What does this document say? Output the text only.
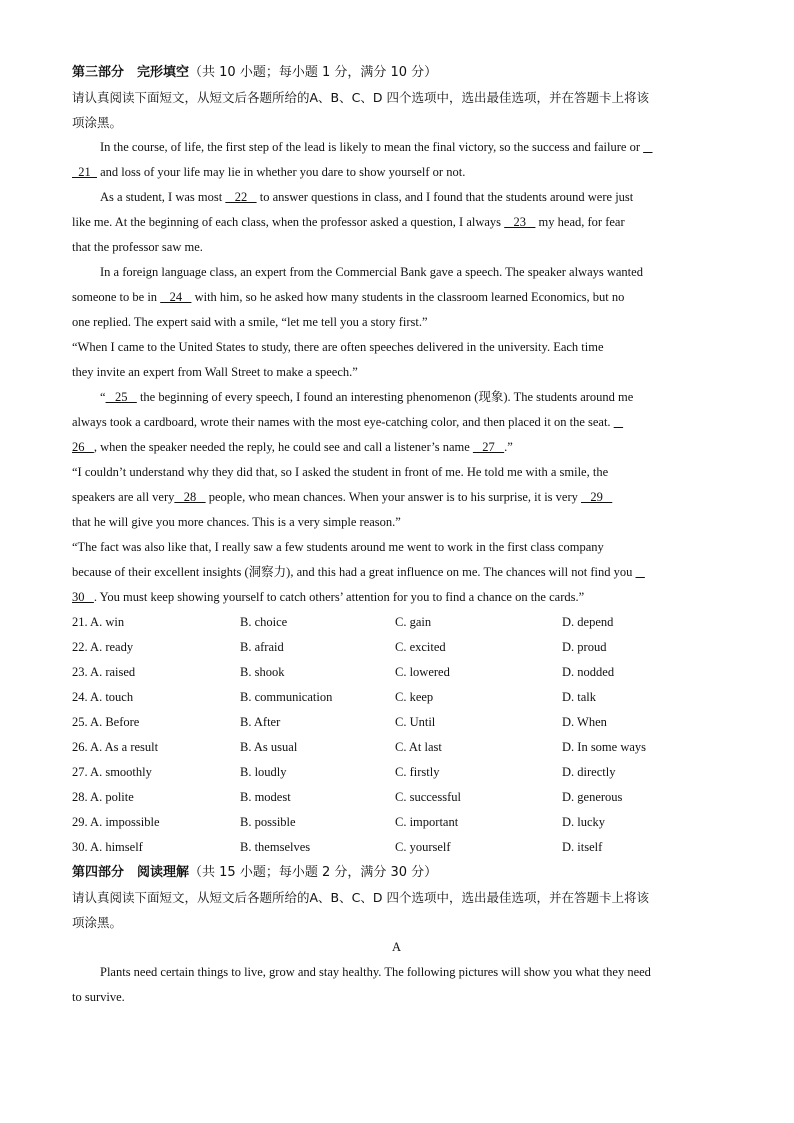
第三部分　完形填空（共 10 小题；每小题 1 分，满分 10 分）
请认真阅读下面短文，从短文后各题所给的A、B、C、D 四个选项中，选出最佳选项，并在答题卡上将该
项涂黑。
In the course, of life, the first step of the lead is likely to mean the final victory, so the success and failure or
21   and loss of your life may lie in whether you dare to show yourself or not.
As a student, I was most    22    to answer questions in class, and I found that the students around were just
like me. At the beginning of each class, when the professor asked a question, I always    23    my head, for fear
that the professor saw me.
In a foreign language class, an expert from the Commercial Bank gave a speech. The speaker always wanted
someone to be in    24    with him, so he asked how many students in the classroom learned Economics, but no
one replied. The expert said with a smile, “let me tell you a story first.”
“When I came to the United States to study, there are often speeches delivered in the university. Each time
they invite an expert from Wall Street to make a speech.”
“   25    the beginning of every speech, I found an interesting phenomenon (现象). The students around me
always took a cardboard, wrote their names with the most eye-catching color, and then placed it on the seat.
26   , when the speaker needed the reply, he could see and call a listener’s name    27   .”
“I couldn’t understand why they did that, so I asked the student in front of me. He told me with a smile, the
speakers are all very   28    people, who mean chances. When your answer is to his surprise, it is very    29
that he will give you more chances. This is a very simple reason.”
“The fact was also like that, I really saw a few students around me went to work in the first class company
because of their excellent insights (洞察力), and this had a great influence on me. The chances will not find you
30   . You must keep showing yourself to catch others’ attention for you to find a chance on the cards.”
21. A. win	B. choice	C. gain	D. depend
22. A. ready	B. afraid	C. excited	D. proud
23. A. raised	B. shook	C. lowered	D. nodded
24. A. touch	B. communication	C. keep	D. talk
25. A. Before	B. After	C. Until	D. When
26. A. As a result	B. As usual	C. At last	D. In some ways
27. A. smoothly	B. loudly	C. firstly	D. directly
28. A. polite	B. modest	C. successful	D. generous
29. A. impossible	B. possible	C. important	D. lucky
30. A. himself	B. themselves	C. yourself	D. itself
第四部分　阅读理解（共 15 小题；每小题 2 分，满分 30 分）
请认真阅读下面短文，从短文后各题所给的A、B、C、D 四个选项中，选出最佳选项，并在答题卡上将该
项涂黑。
A
Plants need certain things to live, grow and stay healthy. The following pictures will show you what they need
to survive.
